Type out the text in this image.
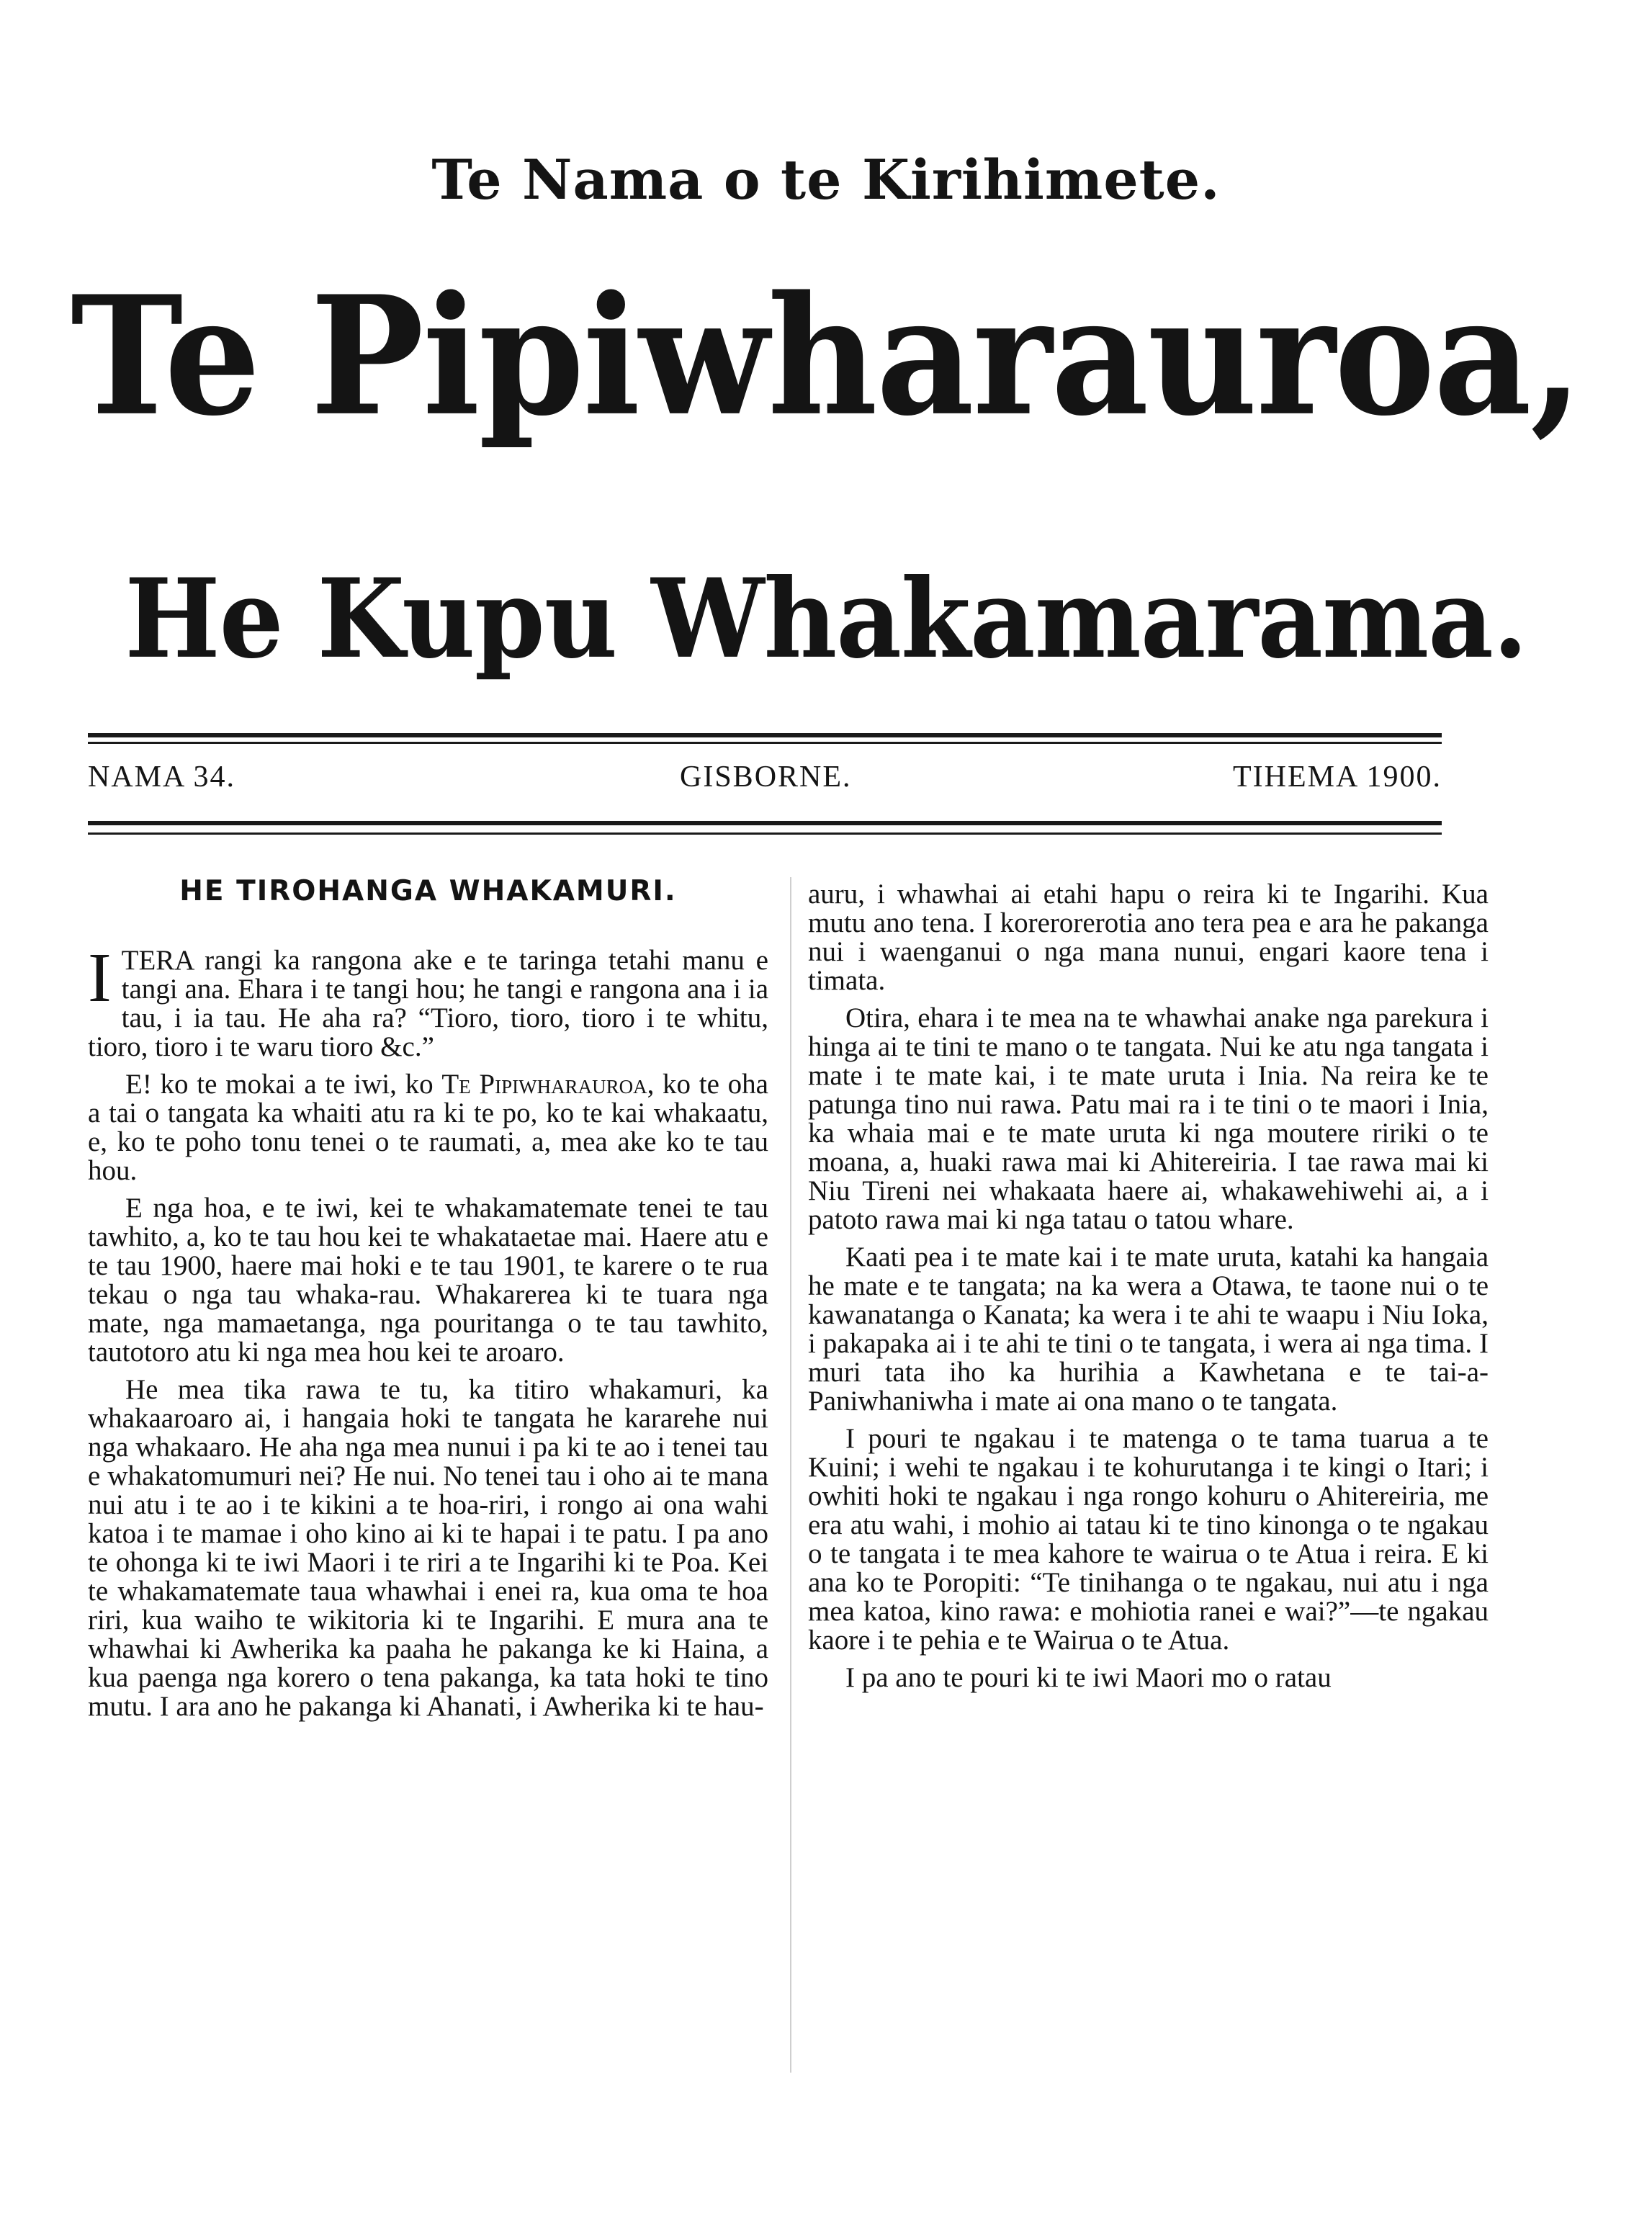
Te Nama o te Kirihimete.
Te Pipiwharauroa,
He Kupu Whakamarama.
NAMA 34.	GISBORNE.	TIHEMA 1900.
HE TIROHANGA WHAKAMURI.

ITERA rangi ka rangona ake e te taringa tetahi manu e tangi ana. Ehara i te tangi hou; he tangi e rangona ana i ia tau, i ia tau. He aha ra? “Tioro, tioro, tioro i te whitu, tioro, tioro i te waru tioro &c.”

E! ko te mokai a te iwi, ko Te Pipiwharauroa, ko te oha a tai o tangata ka whaiti atu ra ki te po, ko te kai whakaatu, e, ko te poho tonu tenei o te raumati, a, mea ake ko te tau hou.

E nga hoa, e te iwi, kei te whakamatemate tenei te tau tawhito, a, ko te tau hou kei te whakataetae mai. Haere atu e te tau 1900, haere mai hoki e te tau 1901, te karere o te rua tekau o nga tau whaka-rau. Whakarerea ki te tuara nga mate, nga mamaetanga, nga pouritanga o te tau tawhito, tautotoro atu ki nga mea hou kei te aroaro.

He mea tika rawa te tu, ka titiro whakamuri, ka whakaaroaro ai, i hangaia hoki te tangata he kararehe nui nga whakaaro. He aha nga mea nunui i pa ki te ao i tenei tau e whakatomumuri nei? He nui. No tenei tau i oho ai te mana nui atu i te ao i te kikini a te hoa-riri, i rongo ai ona wahi katoa i te mamae i oho kino ai ki te hapai i te patu. I pa ano te ohonga ki te iwi Maori i te riri a te Ingarihi ki te Poa. Kei te whakamatemate taua whawhai i enei ra, kua oma te hoa riri, kua waiho te wikitoria ki te Ingarihi. E mura ana te whawhai ki Awherika ka paaha he pakanga ke ki Haina, a kua paenga nga korero o tena pakanga, ka tata hoki te tino mutu. I ara ano he pakanga ki Ahanati, i Awherika ki te hau-

auru, i whawhai ai etahi hapu o reira ki te Ingarihi. Kua mutu ano tena. I korerorerotia ano tera pea e ara he pakanga nui i waenganui o nga mana nunui, engari kaore tena i timata.

Otira, ehara i te mea na te whawhai anake nga parekura i hinga ai te tini te mano o te tangata. Nui ke atu nga tangata i mate i te mate kai, i te mate uruta i Inia. Na reira ke te patunga tino nui rawa. Patu mai ra i te tini o te maori i Inia, ka whaia mai e te mate uruta ki nga moutere ririki o te moana, a, huaki rawa mai ki Ahitereiria. I tae rawa mai ki Niu Tireni nei whakaata haere ai, whakawehiwehi ai, a i patoto rawa mai ki nga tatau o tatou whare.

Kaati pea i te mate kai i te mate uruta, katahi ka hangaia he mate e te tangata; na ka wera a Otawa, te taone nui o te kawanatanga o Kanata; ka wera i te ahi te waapu i Niu Ioka, i pakapaka ai i te ahi te tini o te tangata, i wera ai nga tima. I muri tata iho ka hurihia a Kawhetana e te tai-a-Paniwhaniwha i mate ai ona mano o te tangata.

I pouri te ngakau i te matenga o te tama tuarua a te Kuini; i wehi te ngakau i te kohurutanga i te kingi o Itari; i owhiti hoki te ngakau i nga rongo kohuru o Ahitereiria, me era atu wahi, i mohio ai tatau ki te tino kinonga o te ngakau o te tangata i te mea kahore te wairua o te Atua i reira. E ki ana ko te Poropiti: “Te tinihanga o te ngakau, nui atu i nga mea katoa, kino rawa: e mohiotia ranei e wai?”—te ngakau kaore i te pehia e te Wairua o te Atua.

I pa ano te pouri ki te iwi Maori mo o ratau
